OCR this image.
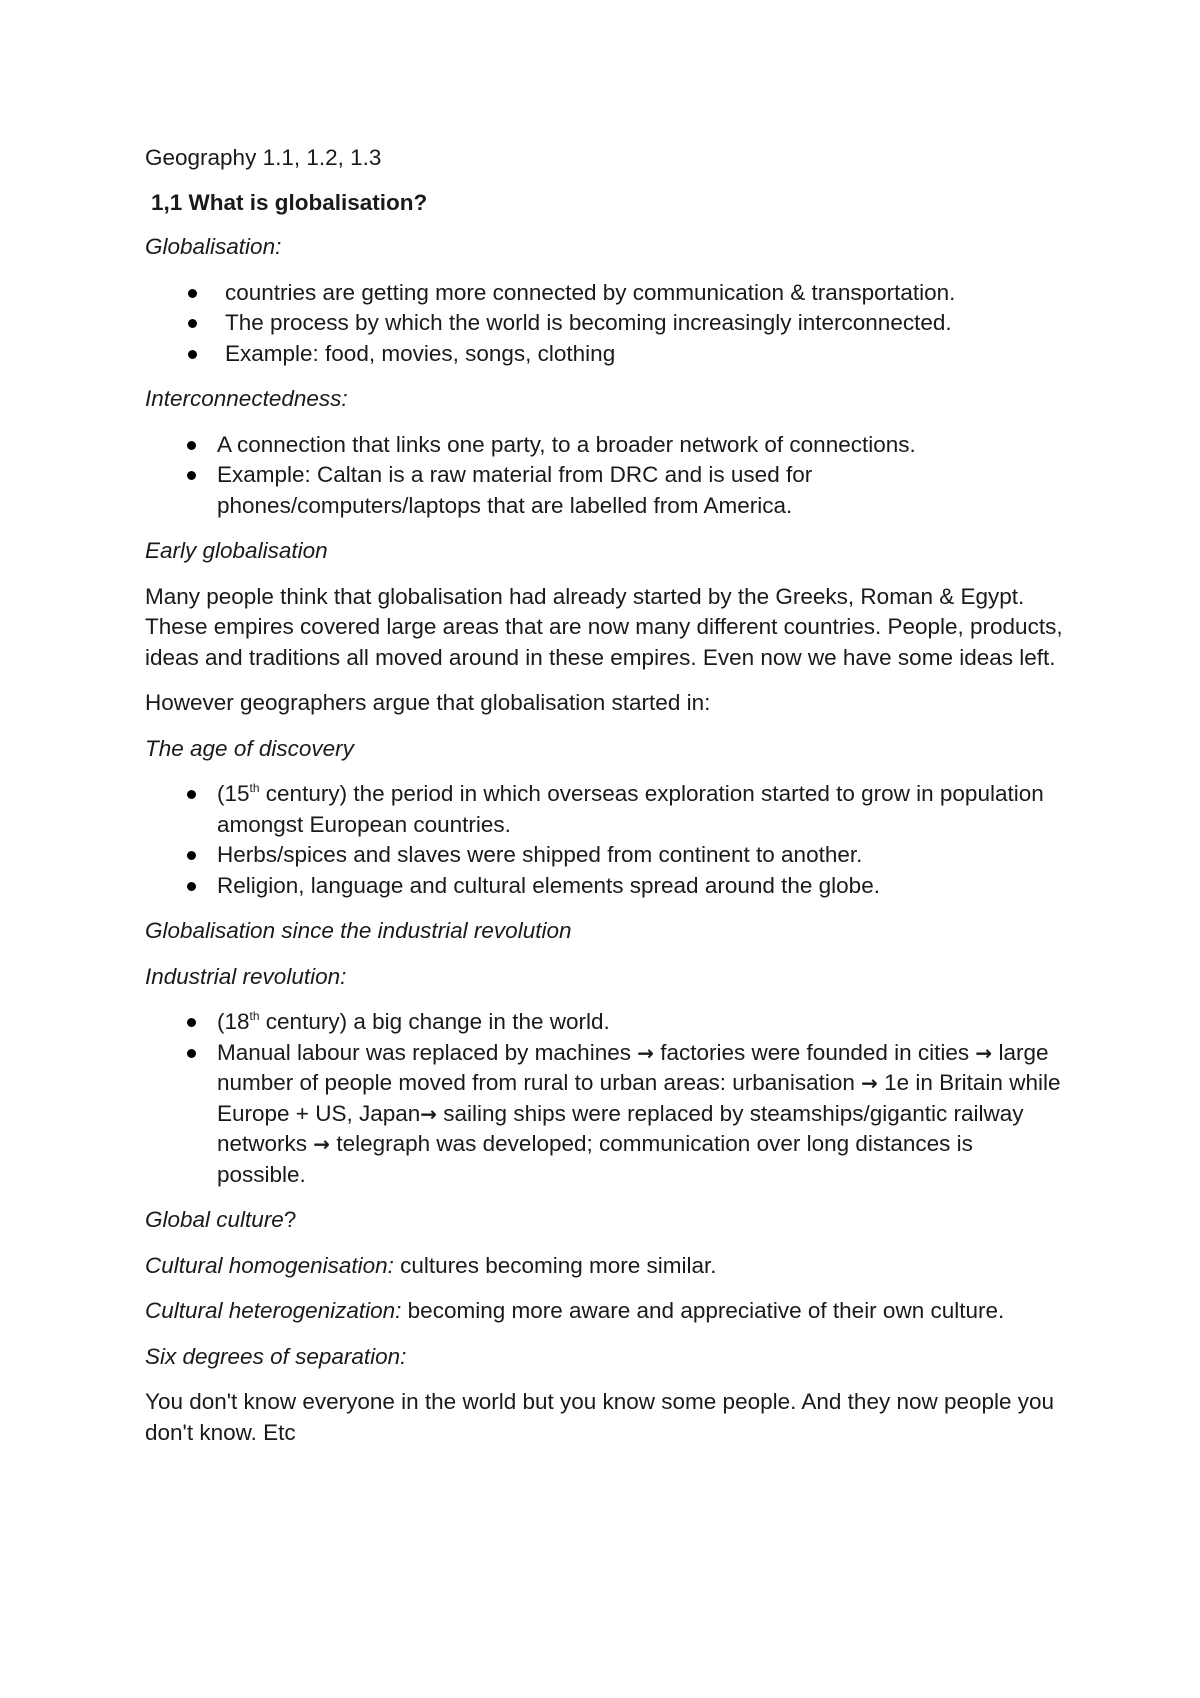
Geography 1.1, 1.2, 1.3

1,1 What is globalisation?

Globalisation:

countries are getting more connected by communication & transportation.
The process by which the world is becoming increasingly interconnected.
Example: food, movies, songs, clothing

Interconnectedness:

A connection that links one party, to a broader network of connections.
Example: Caltan is a raw material from DRC and is used for phones/computers/laptops that are labelled from America.

Early globalisation

Many people think that globalisation had already started by the Greeks, Roman & Egypt. These empires covered large areas that are now many different countries. People, products, ideas and traditions all moved around in these empires. Even now we have some ideas left.

However geographers argue that globalisation started in:

The age of discovery

(15th century) the period in which overseas exploration started to grow in population amongst European countries.
Herbs/spices and slaves were shipped from continent to another.
Religion, language and cultural elements spread around the globe.

Globalisation since the industrial revolution

Industrial revolution:

(18th century) a big change in the world.
Manual labour was replaced by machines → factories were founded in cities → large number of people moved from rural to urban areas: urbanisation → 1e in Britain while Europe + US, Japan→ sailing ships were replaced by steamships/gigantic railway networks → telegraph was developed; communication over long distances is possible.

Global culture?

Cultural homogenisation: cultures becoming more similar.

Cultural heterogenization: becoming more aware and appreciative of their own culture.

Six degrees of separation:

You don't know everyone in the world but you know some people. And they now people you don't know. Etc
